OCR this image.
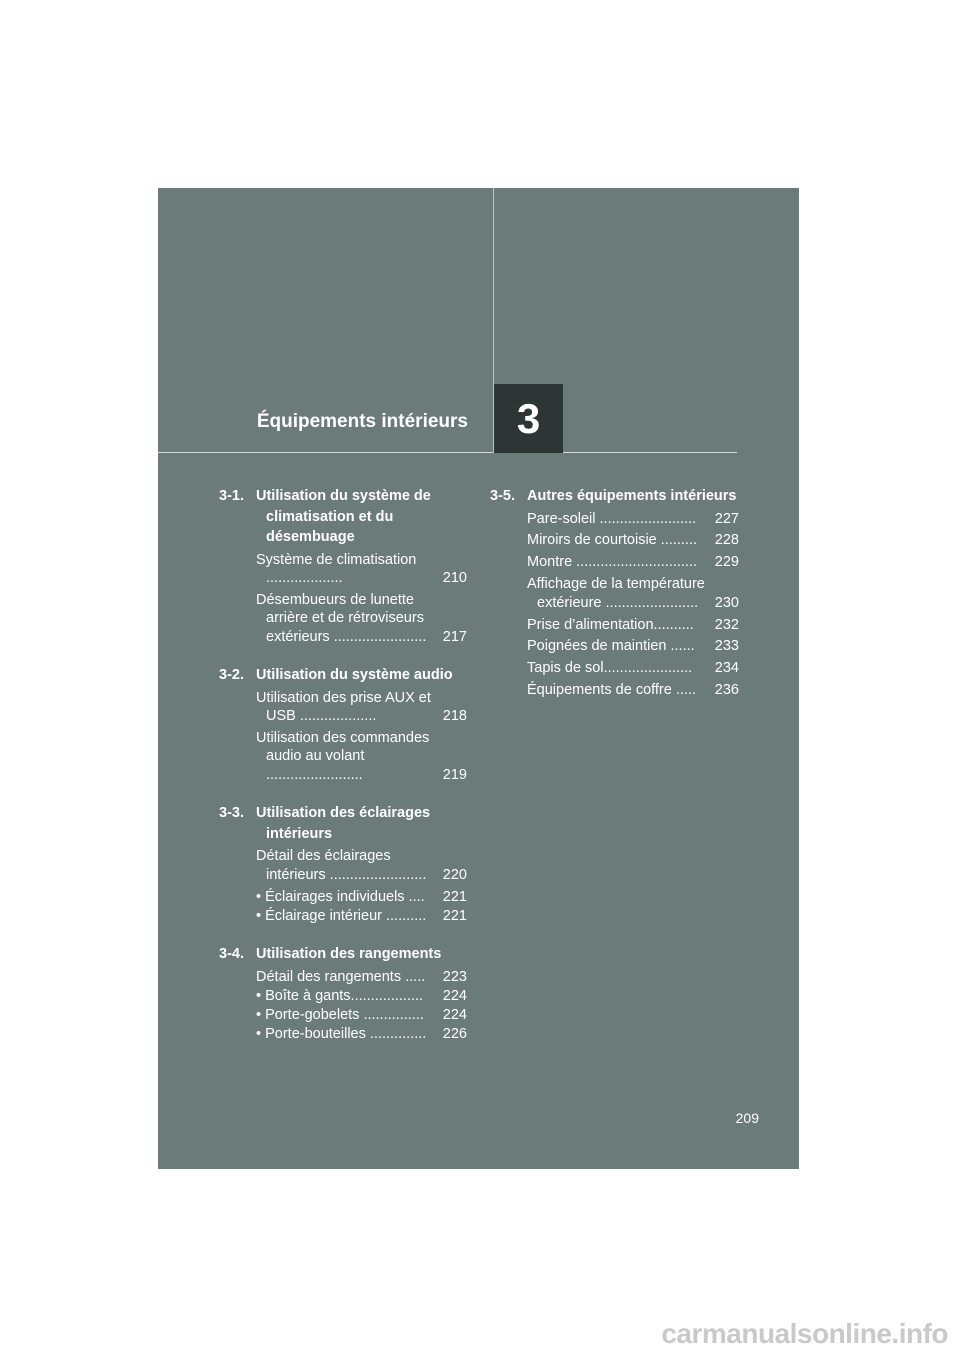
Équipements intérieurs 3
3-1. Utilisation du système de climatisation et du désembuage
Système de climatisation ...................	210
Désembueurs de lunette arrière et de rétroviseurs extérieurs .......................	217
3-2. Utilisation du système audio
Utilisation des prise AUX et USB ...................	218
Utilisation des commandes audio au volant ........................	219
3-3. Utilisation des éclairages intérieurs
Détail des éclairages intérieurs ........................	220
• Éclairages individuels ....	221
• Éclairage intérieur ..........	221
3-4. Utilisation des rangements
Détail des rangements .....	223
• Boîte à gants..................	224
• Porte-gobelets ...............	224
• Porte-bouteilles ..............	226
3-5. Autres équipements intérieurs
Pare-soleil ........................	227
Miroirs de courtoisie .........	228
Montre ..............................	229
Affichage de la température extérieure .......................	230
Prise d’alimentation..........	232
Poignées de maintien ......	233
Tapis de sol......................	234
Équipements de coffre .....	236
209
carmanualsonline.info
